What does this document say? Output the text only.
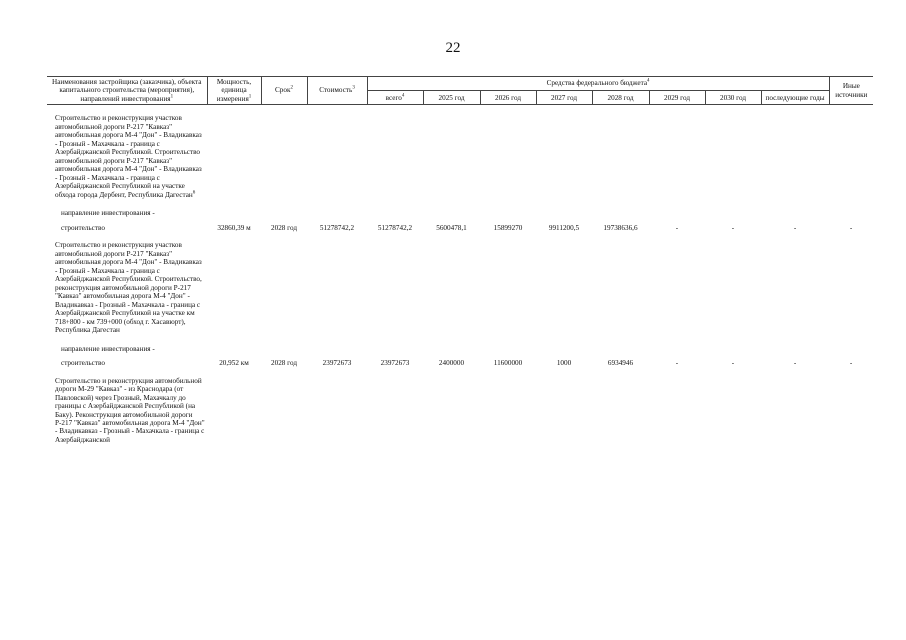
22
Наименования застройщика (заказчика), объекта капитального строительства (мероприятия), направлений инвестирования$^1$	Мощность, единица измерения$^1$	Срок$^2$	Стоимость$^3$	Средства федерального бюджета$^4$								Иные источники
				всего$^4$	2025 год	2026 год	2027 год	2028 год	2029 год	2030 год	последующие годы	
Строительство и реконструкция участков автомобильной дороги Р-217 "Кавказ" автомобильная дорога М-4 "Дон" - Владикавказ - Грозный - Махачкала - граница с Азербайджанской Республикой. Строительство автомобильной дороги Р-217 "Кавказ" автомобильная дорога М-4 "Дон" - Владикавказ - Грозный - Махачкала - граница с Азербайджанской Республикой на участке обхода города Дербент, Республика Дагестан$^6$	
направление инвестирования -												
строительство	32860,39 м	2028 год	51278742,2	51278742,2	5600478,1	15899270	9911200,5	19738636,6	-	-	-	-
Строительство и реконструкция участков автомобильной дороги Р-217 "Кавказ" автомобильная дорога М-4 "Дон" - Владикавказ - Грозный - Махачкала - граница с Азербайджанской Республикой. Строительство, реконструкция автомобильной дороги Р-217 "Кавказ" автомобильная дорога М-4 "Дон" - Владикавказ - Грозный - Махачкала - граница с Азербайджанской Республикой на участке км 718+800 - км 739+000 (обход г. Хасавюрт), Республика Дагестан												
направление инвестирования -												
строительство	20,952 км	2028 год	23972673	23972673	2400000	11600000	1000	6934946	-	-	-	-
Строительство и реконструкция автомобильной дороги М-29 "Кавказ" - из Краснодара (от Павловской) через Грозный, Махачкалу до границы с Азербайджанской Республикой (на Баку). Реконструкция автомобильной дороги Р-217 "Кавказ" автомобильная дорога М-4 "Дон" - Владикавказ - Грозный - Махачкала - граница с Азербайджанской												
